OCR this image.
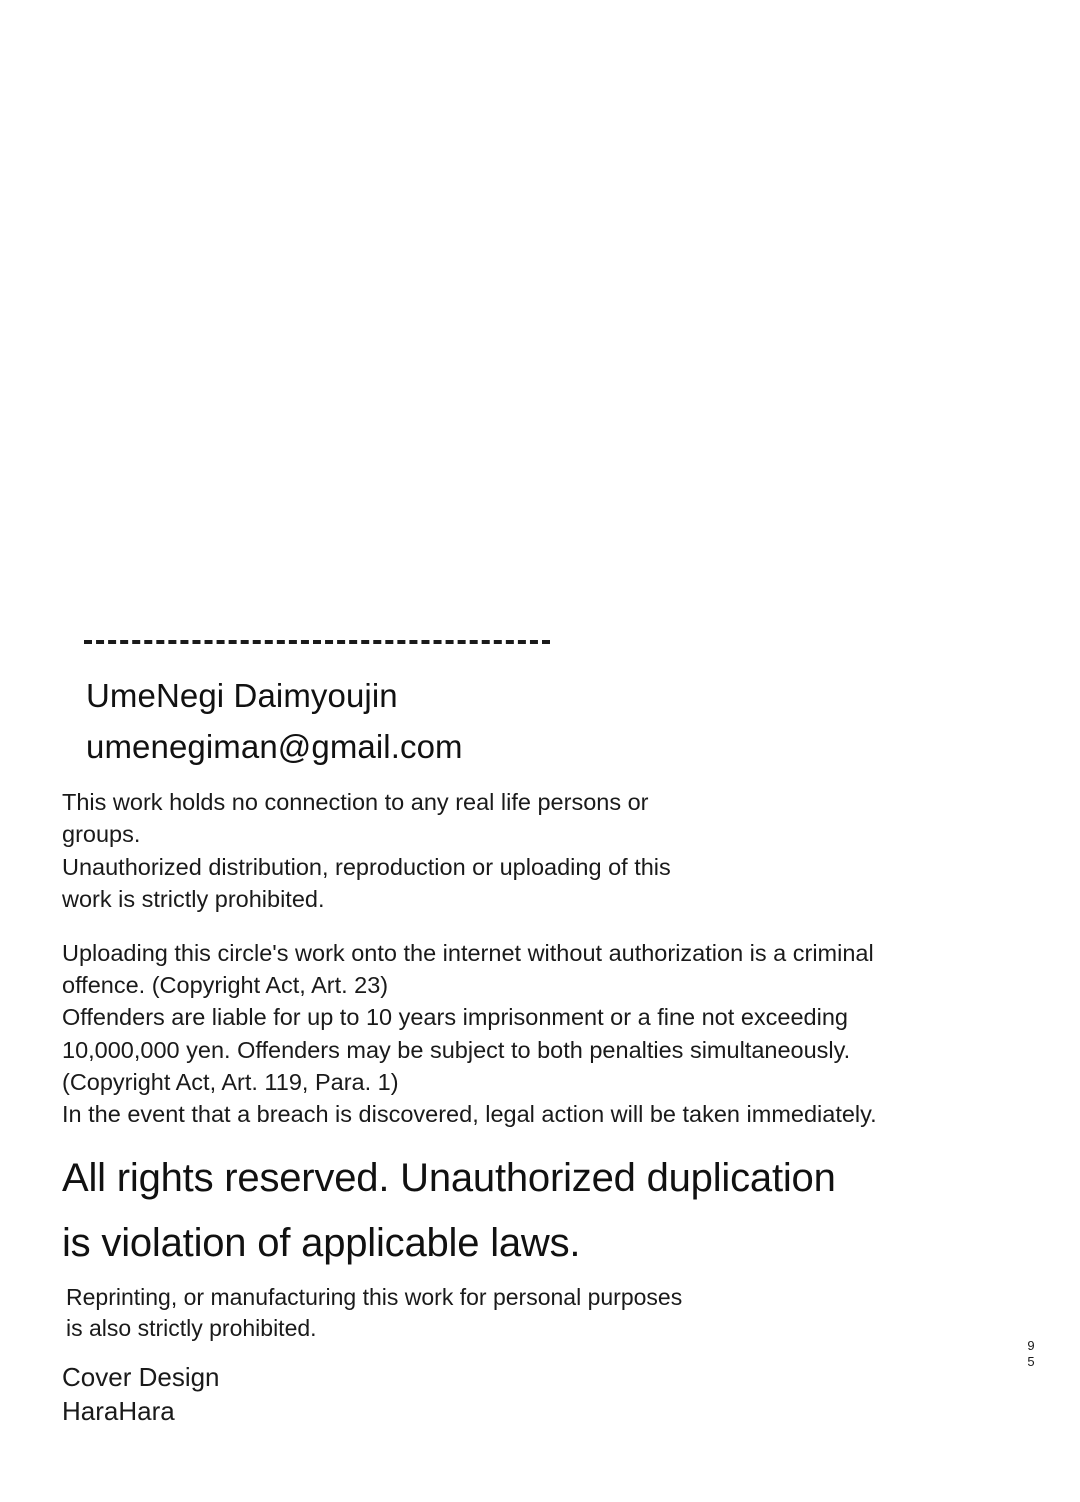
UmeNegi Daimyoujin
umenegiman@gmail.com

This work holds no connection to any real life persons or

groups.

Unauthorized distribution, reproduction or uploading of this

work is strictly prohibited.

Uploading this circle's work onto the internet without authorization is a criminal

offence. (Copyright Act, Art. 23)

Offenders are liable for up to 10 years imprisonment or a fine not exceeding

10,000,000 yen. Offenders may be subject to both penalties simultaneously.

(Copyright Act, Art. 119, Para. 1)

In the event that a breach is discovered, legal action will be taken immediately.

All rights reserved. Unauthorized duplication
is violation of applicable laws.

Reprinting, or manufacturing this work for personal purposes

is also strictly prohibited.

Cover Design

HaraHara

9
5
